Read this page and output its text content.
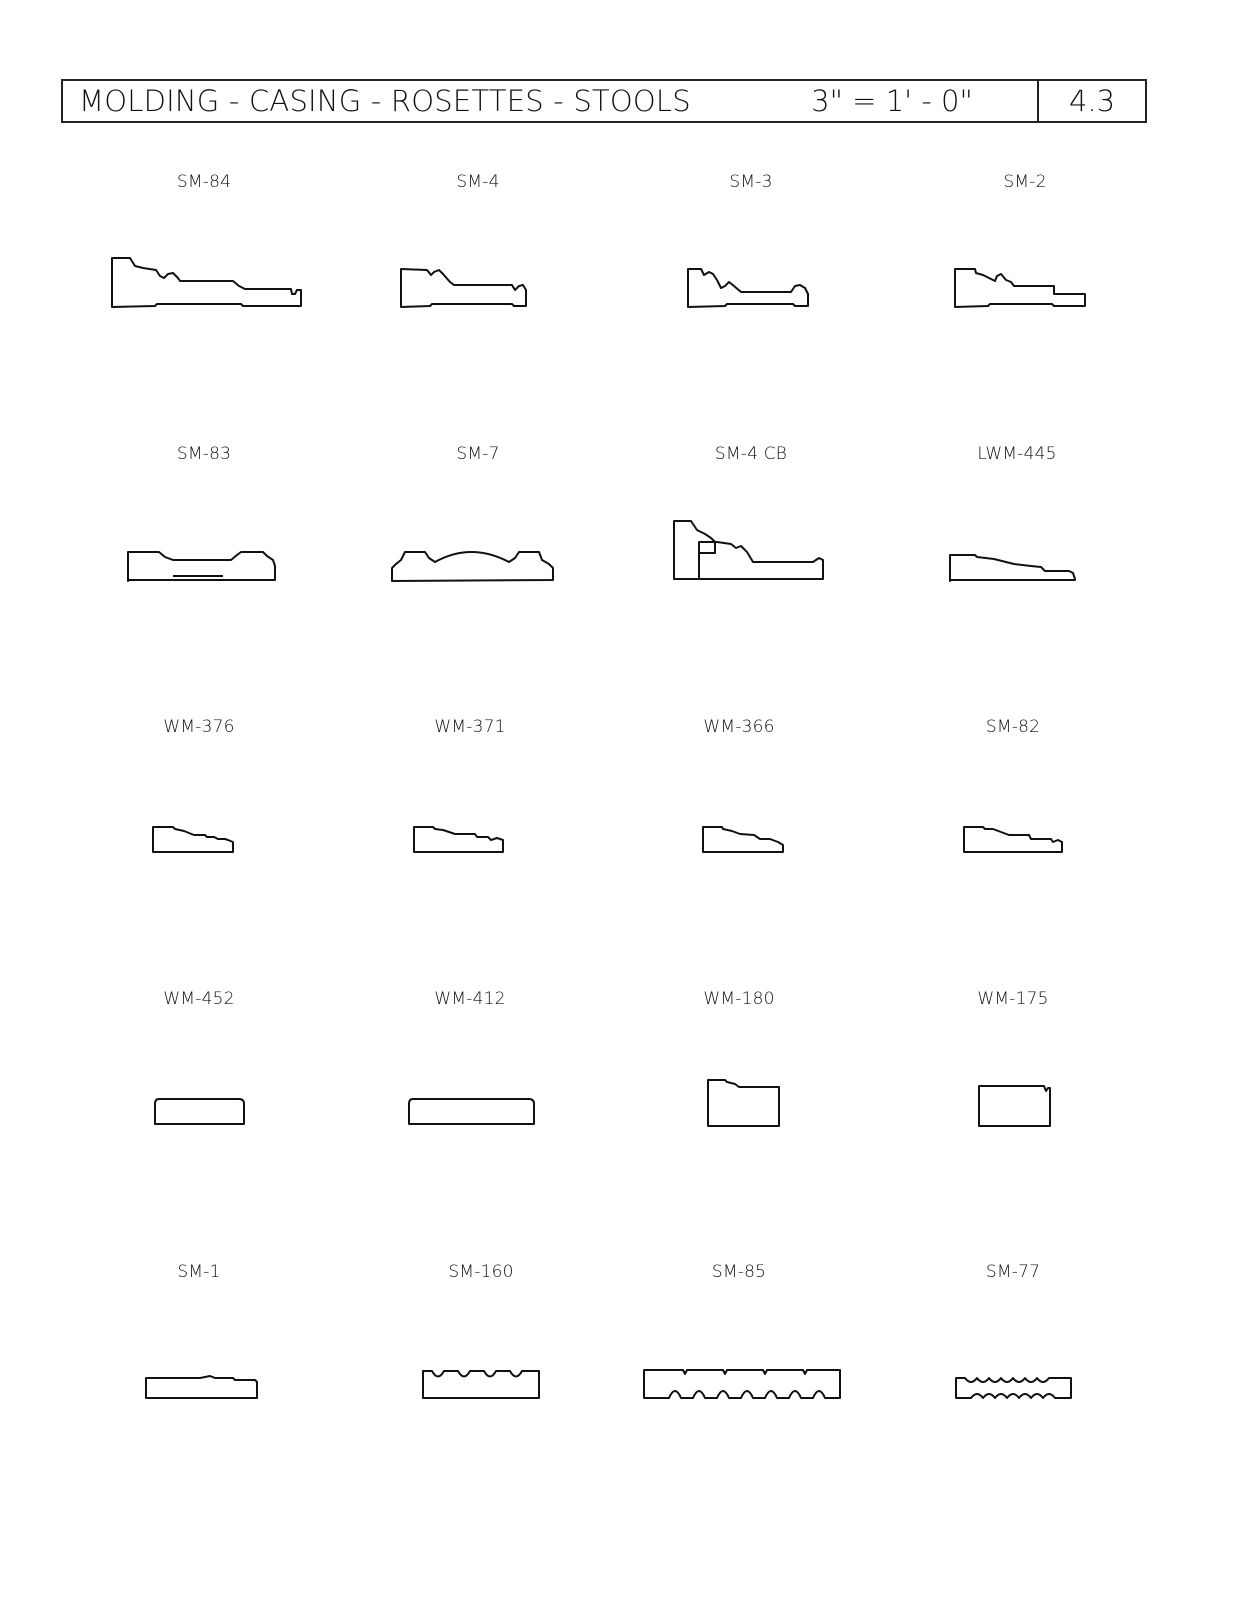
MOLDING - CASING - ROSETTES - STOOLS	3" = 1' - 0"	4.3
SM-84	SM-4	SM-3	SM-2
SM-83	SM-7	SM-4 CB	LWM-445
WM-376	WM-371	WM-366	SM-82
WM-452	WM-412	WM-180	WM-175
SM-1	SM-160	SM-85	SM-77
